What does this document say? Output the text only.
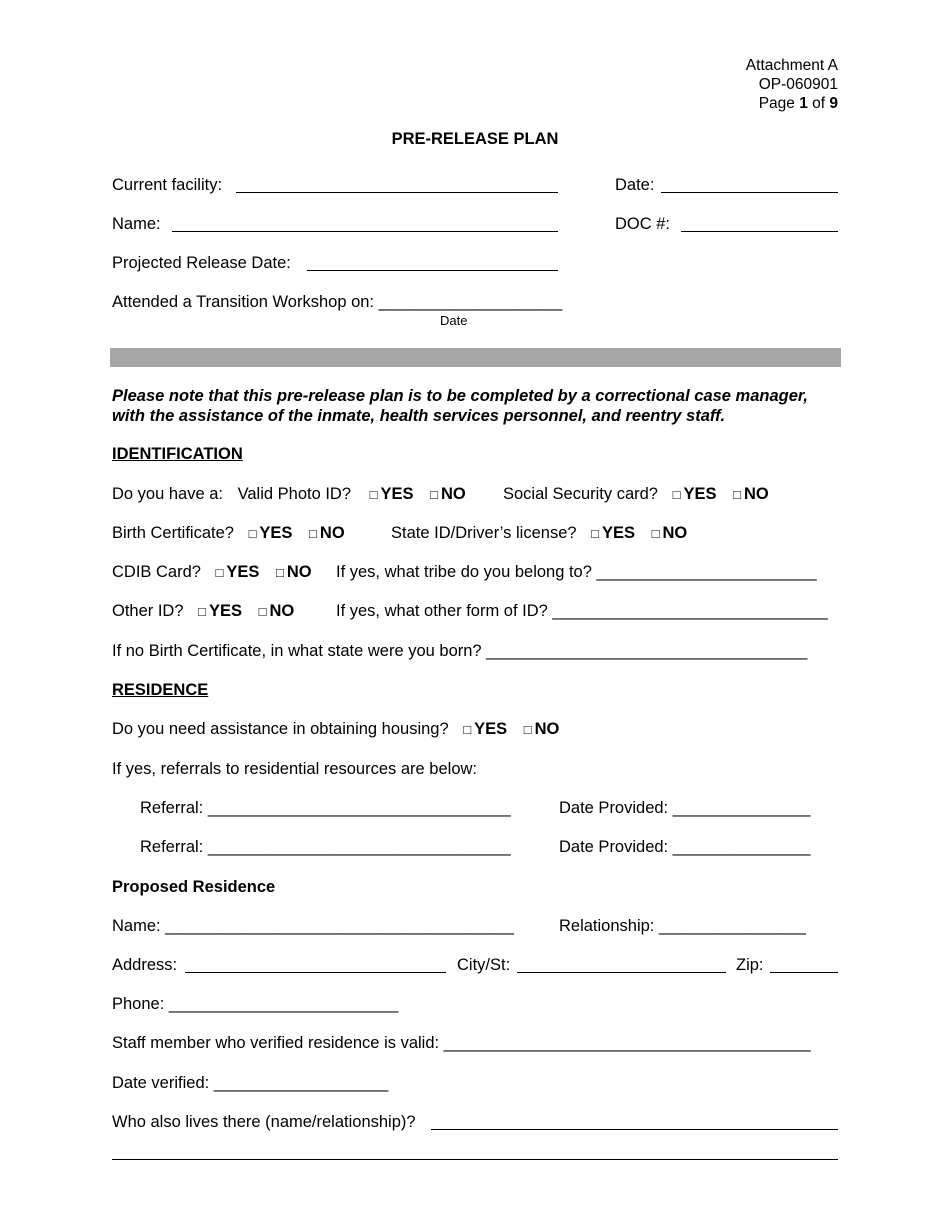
Attachment A
OP-060901
Page 1 of 9
PRE-RELEASE PLAN
Current facility:	Date:
Name:	DOC #:
Projected Release Date:
Attended a Transition Workshop on: ____________________
Date
Please note that this pre-release plan is to be completed by a correctional case manager,
with the assistance of the inmate, health services personnel, and reentry staff.
IDENTIFICATION
Do you have a: Valid Photo ID? □ YES □ NO Social Security card? □ YES □ NO
Birth Certificate? □ YES □ NO	State ID/Driver’s license? □ YES □ NO
CDIB Card? □ YES □ NO If yes, what tribe do you belong to? ________________________
Other ID? □ YES □ NO	If yes, what other form of ID? ______________________________
If no Birth Certificate, in what state were you born? ___________________________________
RESIDENCE
Do you need assistance in obtaining housing? □ YES □ NO
If yes, referrals to residential resources are below:
Referral: _________________________________	Date Provided: _______________
Referral: _________________________________	Date Provided: _______________
Proposed Residence
Name: ______________________________________	Relationship: ________________
Address:	City/St:	Zip:
Phone: _________________________
Staff member who verified residence is valid: ________________________________________
Date verified: ___________________
Who also lives there (name/relationship)?
